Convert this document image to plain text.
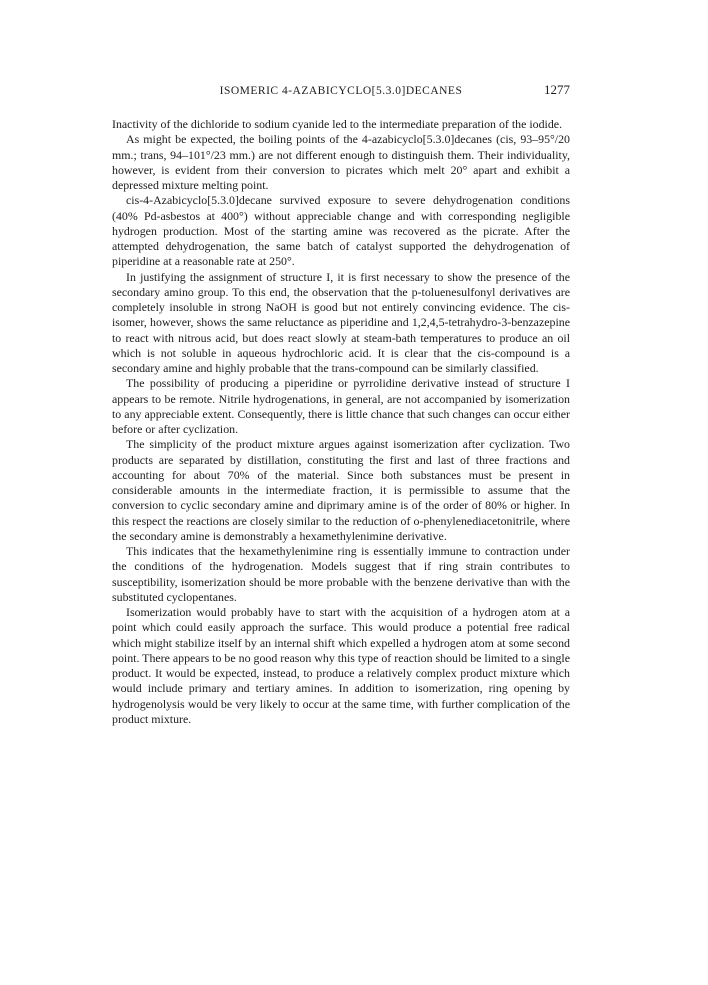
ISOMERIC 4-AZABICYCLO[5.3.0]DECANES	1277

Inactivity of the dichloride to sodium cyanide led to the intermediate preparation of the iodide.

As might be expected, the boiling points of the 4-azabicyclo[5.3.0]decanes (cis, 93–95°/20 mm.; trans, 94–101°/23 mm.) are not different enough to distinguish them. Their individuality, however, is evident from their conversion to picrates which melt 20° apart and exhibit a depressed mixture melting point.

cis-4-Azabicyclo[5.3.0]decane survived exposure to severe dehydrogenation conditions (40% Pd-asbestos at 400°) without appreciable change and with corresponding negligible hydrogen production. Most of the starting amine was recovered as the picrate. After the attempted dehydrogenation, the same batch of catalyst supported the dehydrogenation of piperidine at a reasonable rate at 250°.

In justifying the assignment of structure I, it is first necessary to show the presence of the secondary amino group. To this end, the observation that the p-toluenesulfonyl derivatives are completely insoluble in strong NaOH is good but not entirely convincing evidence. The cis-isomer, however, shows the same reluctance as piperidine and 1,2,4,5-tetrahydro-3-benzazepine to react with nitrous acid, but does react slowly at steam-bath temperatures to produce an oil which is not soluble in aqueous hydrochloric acid. It is clear that the cis-compound is a secondary amine and highly probable that the trans-compound can be similarly classified.

The possibility of producing a piperidine or pyrrolidine derivative instead of structure I appears to be remote. Nitrile hydrogenations, in general, are not accompanied by isomerization to any appreciable extent. Consequently, there is little chance that such changes can occur either before or after cyclization.

The simplicity of the product mixture argues against isomerization after cyclization. Two products are separated by distillation, constituting the first and last of three fractions and accounting for about 70% of the material. Since both substances must be present in considerable amounts in the intermediate fraction, it is permissible to assume that the conversion to cyclic secondary amine and diprimary amine is of the order of 80% or higher. In this respect the reactions are closely similar to the reduction of o-phenylenediacetonitrile, where the secondary amine is demonstrably a hexamethylenimine derivative.

This indicates that the hexamethylenimine ring is essentially immune to contraction under the conditions of the hydrogenation. Models suggest that if ring strain contributes to susceptibility, isomerization should be more probable with the benzene derivative than with the substituted cyclopentanes.

Isomerization would probably have to start with the acquisition of a hydrogen atom at a point which could easily approach the surface. This would produce a potential free radical which might stabilize itself by an internal shift which expelled a hydrogen atom at some second point. There appears to be no good reason why this type of reaction should be limited to a single product. It would be expected, instead, to produce a relatively complex product mixture which would include primary and tertiary amines. In addition to isomerization, ring opening by hydrogenolysis would be very likely to occur at the same time, with further complication of the product mixture.
